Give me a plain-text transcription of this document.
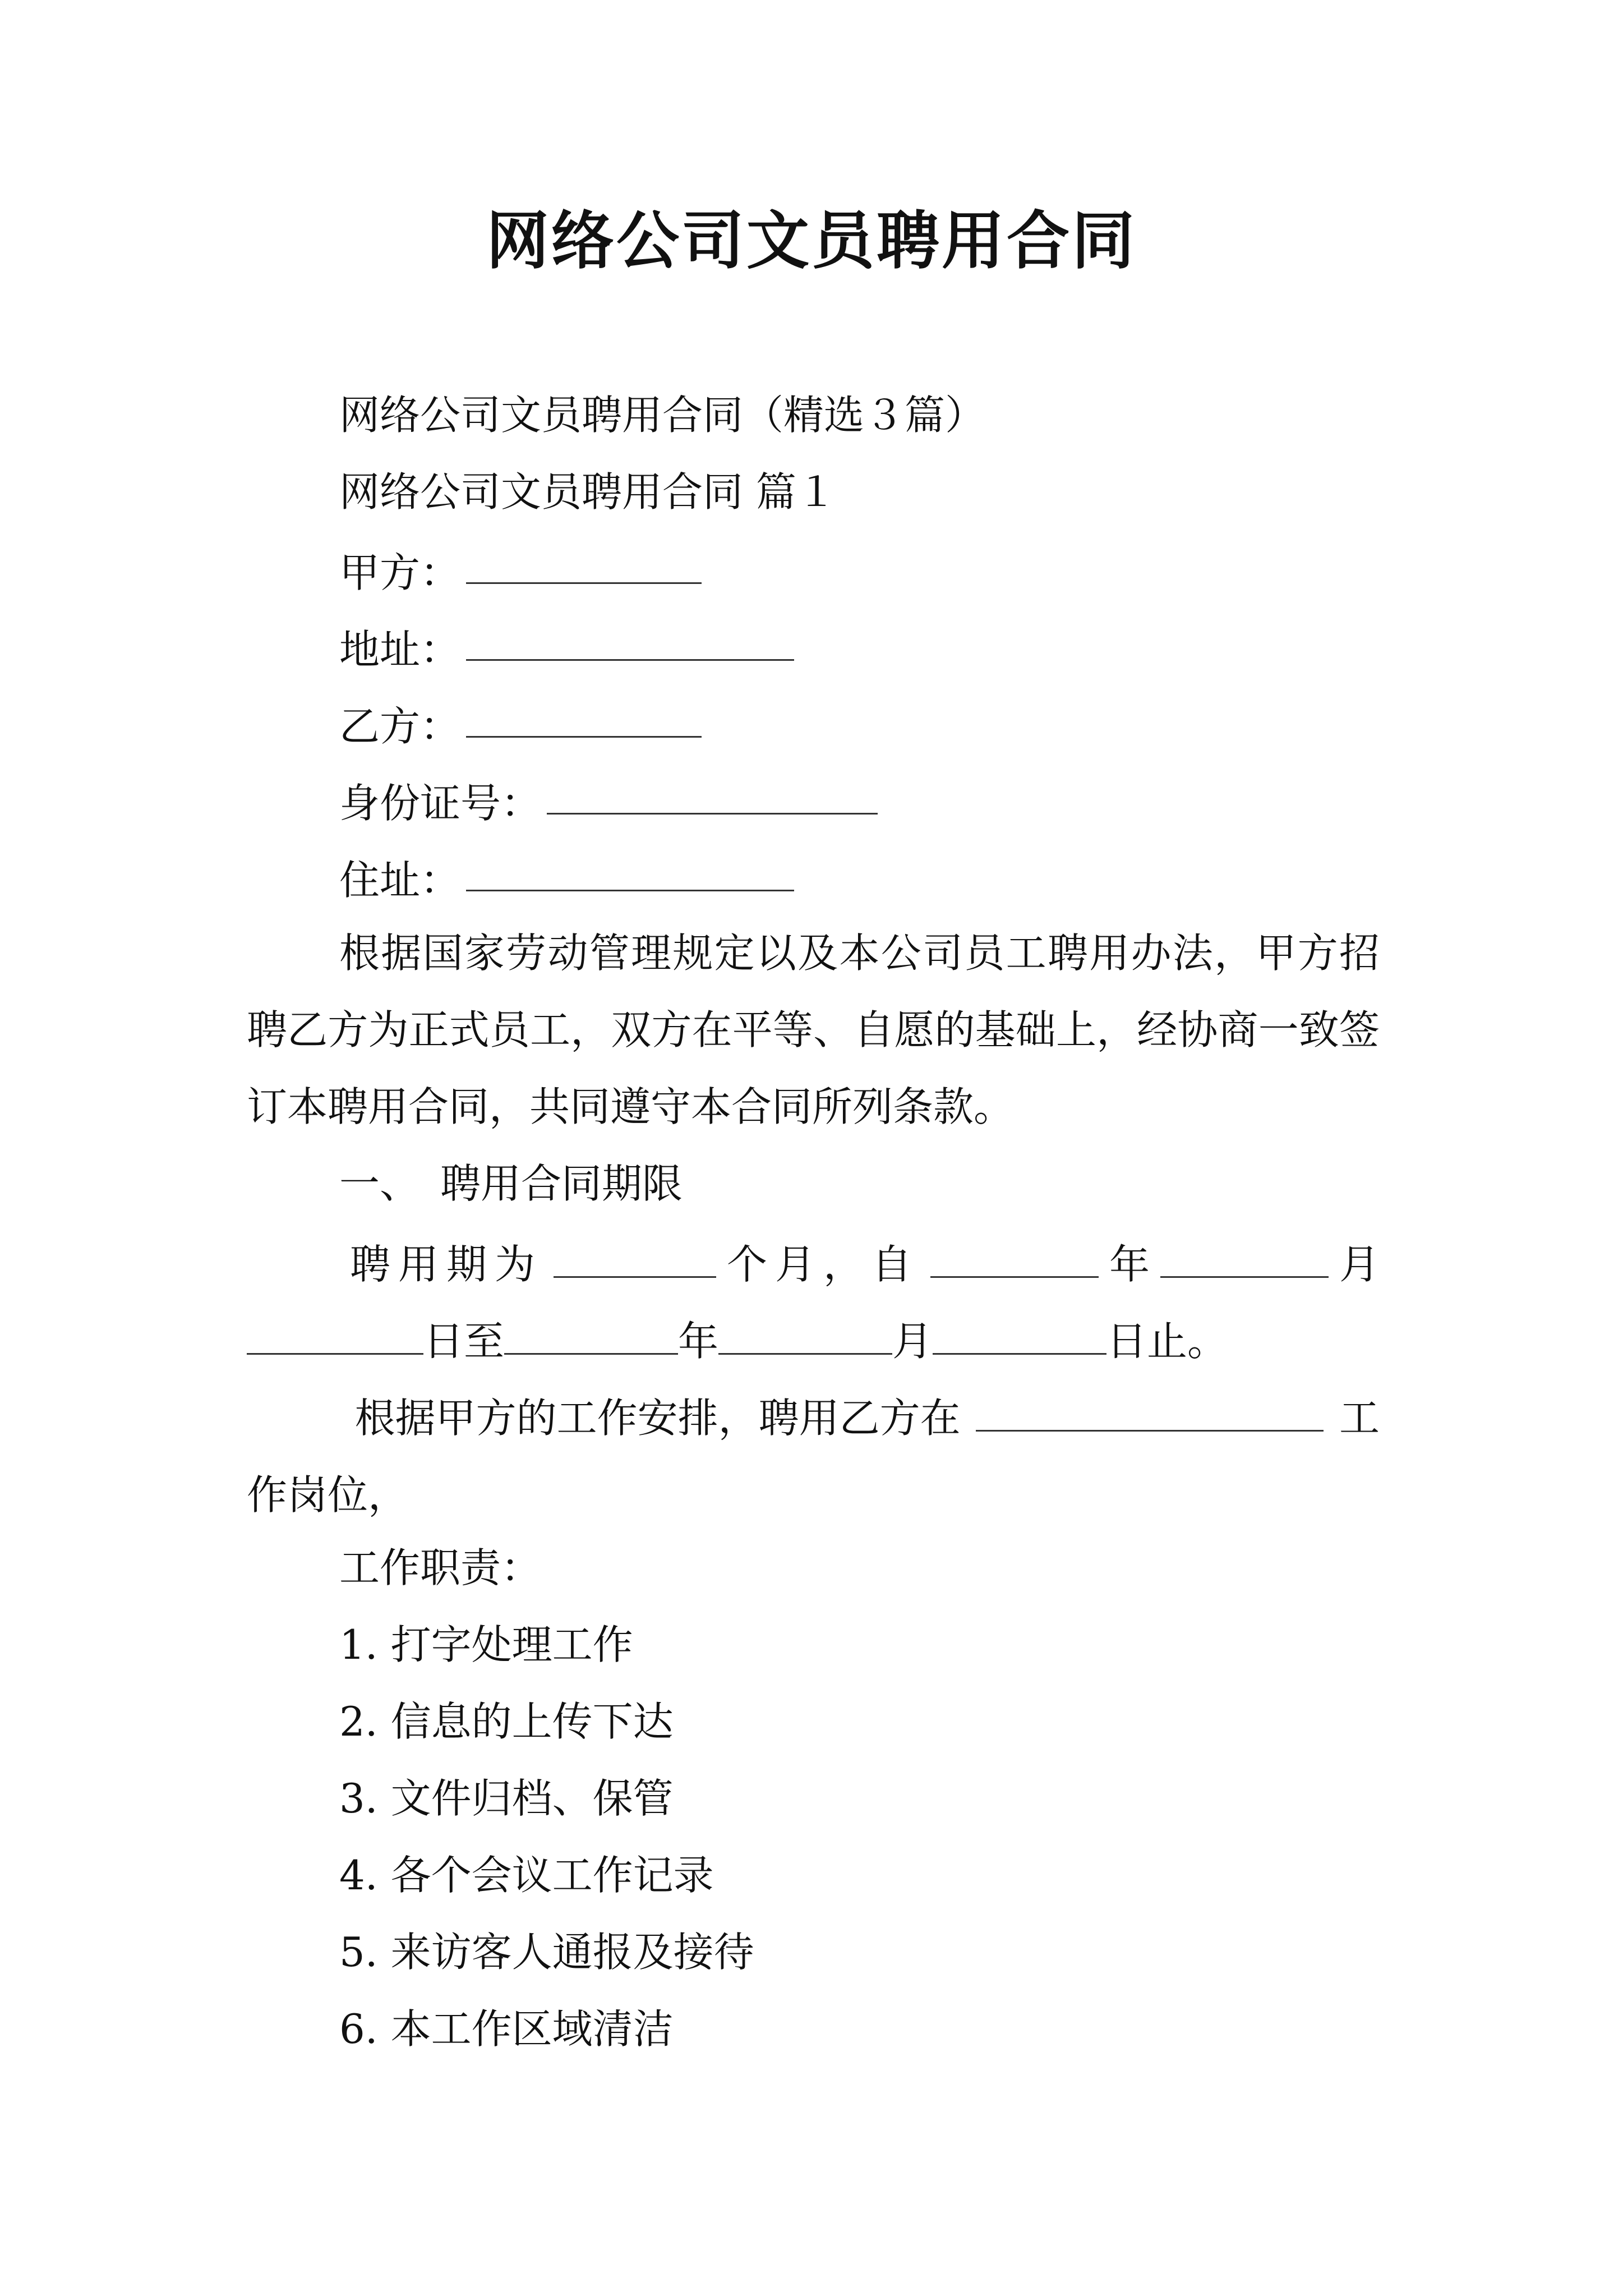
网络公司文员聘用合同
网络公司文员聘用合同（精选３篇）
网络公司文员聘用合同 篇１
甲方：
地址：
乙方：
身份证号：
住址：
根据国家劳动管理规定以及本公司员工聘用办法，甲方招聘乙方为正式员工，双方在平等、自愿的基础上，经协商一致签订本聘用合同，共同遵守本合同所列条款。
一、　聘用合同期限
聘用期为	个月，自	年	月
日至	年	月	日止。
根据甲方的工作安排，聘用乙方在	工
作岗位，
工作职责：
1. 打字处理工作
2. 信息的上传下达
3. 文件归档、保管
4. 各个会议工作记录
5. 来访客人通报及接待
6. 本工作区域清洁
